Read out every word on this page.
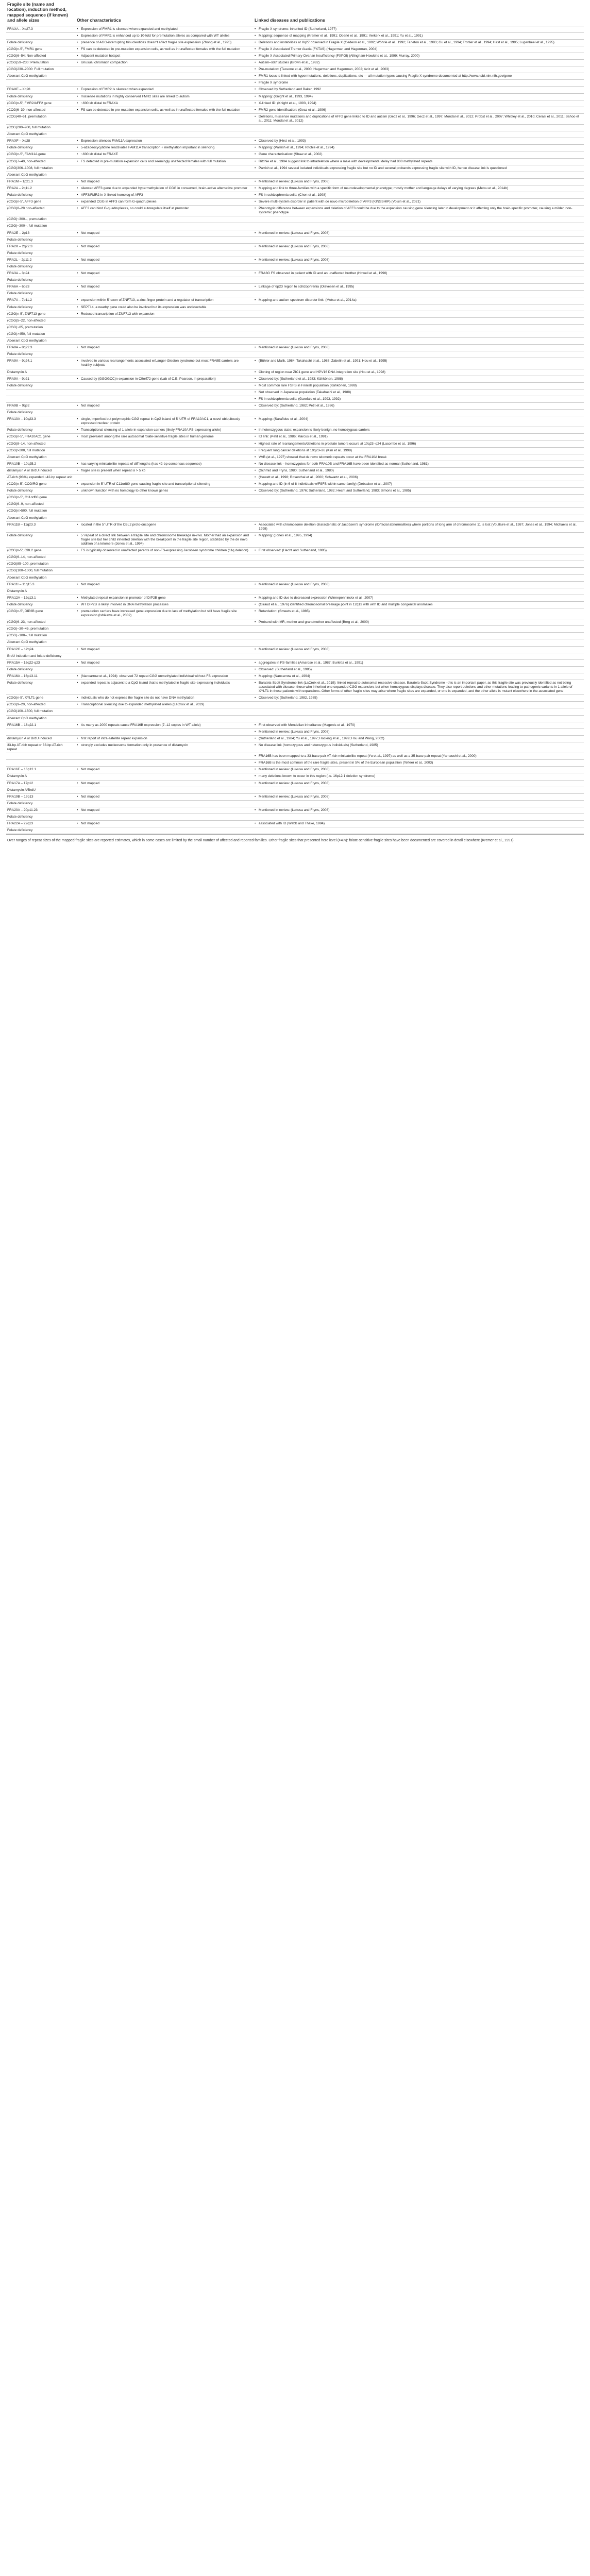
Fragile site (name and location), induction method, mapped sequence (if known) and allele sizes	Other characteristics	Linked diseases and publications

FRAXA – Xq27.3	• Expression of FMR1 is silenced when expanded and methylated	• Fragile X syndrome: inherited ID (Sutherland, 1977)

	• Expression of FMR1 is enhanced up to 10-fold for premutation alleles as compared with WT alleles	• Mapping: sequence of mapping (Kremer et al., 1991; Oberlé et al., 1991; Verkerk et al., 1991; Yu et al., 1991)

Folate deficiency	• presence of AGG-interrupting trinucleotides doesn't affect fragile site expression (Zhong et al., 1995)	• Deletions and instabilities at Xq27 observed in Fragile X (Gedeon et al., 1992; Wöhrle et al., 1992; Tarleton et al., 1993; Gu et al., 1994; Trottier et al., 1994; Hirst et al., 1995; Lugenbeel et al., 1995)

(CGG)n-5', FMR1 gene	• FS can be detected in pre-mutation expansion cells, as well as in unaffected females with the full mutation	• Fragile X Associated Tremor Ataxia (FXTAS) (Hagerman and Hagerman, 2004)

(CGG)6–54: Non-affected	• Adjacent mutation hotspot	• Fragile X Associated Primary Ovarian Insufficiency (FXPOI) (Allingham-Hawkins et al., 1999; Murray, 2000)

(CGG)59–230: Premutation	• Unusual chromatin compaction	• Autism–staff studies (Brown et al., 1982)

(CGG)230–2000: Full mutation		• Pre-mutation: (Tassone et al., 2000; Hagerman and Hagerman, 2002; Aziz et al., 2003)

Aberrant CpG methylation		• FMR1 locus is linked with hypermutations, deletions, duplications, etc — all mutation types causing Fragile X syndrome documented at http://www.ncbi.nlm.nih.gov/gene

		• Fragile X syndrome

FRAXE – Xq28	• Expression of FMR2 is silenced when expanded	• Observed by Sutherland and Baker, 1992

Folate deficiency	• missense mutations in highly conserved FMR2 sites are linked to autism	• Mapping: (Knight et al., 1993, 1994)

(CCG)n-5', FMR2/AFF2 gene	• ~600 kb distal to FRAXA	• X-linked ID: (Knight et al., 1993, 1994)

(CCG)6–39, non-affected	• FS can be detected in pre-mutation expansion cells, as well as in unaffected females with the full mutation	• FMR2 gene identification: (Gecz et al., 1996)

(CCG)40–61, premutation		• Deletions, missense mutations and duplications of AFF2 gene linked to ID and autism (Gecz et al., 1996; Gecz et al., 1997; Mondal et al., 2012; Probst et al., 2007; Whibley et al., 2010; Cerasi et al., 2011; Sahoo et al., 2011; Mondal et al., 2012)

(CCG)200–900, full mutation		

Aberrant CpG methylation		

FRAXF – Xq28	• Expression silences FAM11A expression	• Observed by (Hirst et al., 1993)

Folate deficiency	• 5-azadeoxycytidine reactivates FAM11A transcription + methylation important in silencing	• Mapping: (Parrish et al., 1994; Ritchie et al., 1994)

(CGG)n-5', FAM11A gene	• ~600 kb distal to FRAXE	• Gene characterisation: (Shaw et al., 2002)

(CGG)7–40, non-affected	• FS detected in pre-mutation expansion cells and seemingly unaffected females with full mutation	• Ritchie et al., 1994 suggest link to intradeletion where a male with developmental delay had 800 methylated repeats

(CGG)306–1008, full mutation		• Parrish et al., 1994 several isolated individuals expressing fragile site but no ID and several probands expressing fragile site with ID, hence disease link is questioned

Aberrant CpG methylation		

FRA1M – 1p21.3	• Not mapped	• Mentioned in review: (Lukusa and Fryns, 2008)

FRA2A – 2q11.2	• silenced AFF3 gene due to expanded hypermethylation of CGG in conserved, brain-active alternative promoter	• Mapping and link to three-families with a specific form of neurodevelopmental phenotype; mostly mother and language delays of varying degrees (Metsu et al., 2014b)

Folate deficiency	• AFF3/FMR2 in X-linked homolog of AFF3	• FS in schizophrenia cells: (Chen et al., 1998)

(CGG)n-5', AFF3 gene	• expanded CGG in AFF3 can form G-quadruplexes	• Severe multi-system disorder in patient with de novo microdeletion of AFF3 (KINSSHIP) (Voisin et al., 2021)

(CGG)8–28 non-affected	• AFF3 can bind G-quadruplexes, so could autoregulate itself at promoter	• Phenotypic difference between expansions and deletion of AFF3 could be due to the expansion causing gene silencing later in development or it affecting only the brain-specific promoter, causing a milder, non-systemic phenotype

(CGG)~300–, premutation		

(CGG)~300–, full mutation		

FRA2E – 2p13	• Not mapped	• Mentioned in review: (Lukusa and Fryns, 2008)

Folate deficiency		

FRA2K – 2q22.3	• Not mapped	• Mentioned in review: (Lukusa and Fryns, 2008)

Folate deficiency		

FRA2L – 2p11.2	• Not mapped	• Mentioned in review: (Lukusa and Fryns, 2008)

Folate deficiency		

FRA3A – 3p24	• Not mapped	• FRA3G FS observed in patient with ID and an unaffected brother (Howell et al., 1990)

Folate deficiency		

FRA6A – 6p23	• Not mapped	• Linkage of 6p23 region to schizophrenia (Olavesen et al., 1995)

Folate deficiency		

FRA7A – 7p11.2	• expansion within 5' exon of ZNF713, a zinc-finger protein and a regulator of transcription	• Mapping and autism spectrum disorder link: (Metsu et al., 2014a)

Folate deficiency	• SEPT14, a nearby gene could also be involved but its expression was undetectable	

(CGG)n-5', ZNF713 gene	• Reduced transcription of ZNF713 with expansion	

(CGG)5–22, non-affected		

(CGG)~85, premutation		

(CGG)>450, full mutation		

Aberrant CpG methylation		

FRA8A – 8q22.3	• Not mapped	• Mentioned in review: (Lukusa and Fryns, 2008)

Folate deficiency		

FRA9A – 9q24.1	• involved in various rearrangements associated w/Langer-Giedion syndrome but most FRA9E carriers are healthy subjects	• (Bühler and Malik, 1984; Takahashi et al., 1988; Zabelin et al., 1991; Hou et al., 1995)

Distamycin A		• Cloning of region near ZIC1 gene and HPV16 DNA integration site (Hou et al., 1998)

FRA9A – 9p21	• Caused by (GGGGCC)n expansion in C9orf72 gene (Lab of C.E. Pearson, in preparation)	• Observed by: (Sutherland et al., 1983; Kähkönen, 1988)

Folate deficiency		• Most common rare FSFS in Finnish population (Kähkönen, 1988)

		• Not observed in Japanese population (Takahashi et al., 1988)

		• FS in schizophrenia cells: (Garofalo et al., 1993, 1992)

FRA9B – 9q32	• Not mapped	• Observed by: (Sutherland, 1982; Petit et al., 1986)

Folate deficiency		

FRA10A – 10q23.3	• single, imperfect but polymorphic CGG repeat in CpG island of 5' UTR of FRA10AC1, a novel ubiquitously expressed nuclear protein	• Mapping: (Sarafidou et al., 2004)

Folate deficiency	• Transcriptional silencing of 1 allele in expansion carriers (likely FRA10A FS-expressing allele)	• In heterozygous state: expansion is likely benign, no homozygous carriers

(CGG)n-5', FRA10AC1 gene	• most prevalent among the rare autosomal folate-sensitive fragile sites in human genome	• ID link: (Petit et al., 1986; Marcus et al., 1991)

(CGG)8–14, non-affected		• Highest rate of rearrangements/deletions in prostate tumors occurs at 10q23–q24 (Lacombe et al., 1996)

(CGG)>200, full mutation		• Frequent lung cancer deletions at 10q23–26 (Kim et al., 1998)

Aberrant CpG methylation		• VVB (et al., 1997) showed that de novo telomeric repeats occur at the FRA10A break

FRA10B – 10q25.2	• has varying minisatellite repeats of diff lengths (has 42-bp consensus sequence)	• No disease link – homozygotes for both FRA10B and FRA16B have been identified as normal (Sutherland, 1981)

distamycin A or BrdU induced	• fragile site is present when repeat is > 5 kb	• (Schmid and Fryns, 1980; Sutherland et al., 1980)

AT-rich (93%) expanded ~42-bp repeat unit		• (Hewett et al., 1998; Rosenthal et al., 2000; Schwartz et al., 2006)

(CCG)n-5', CCG/RG gene	• expansion in 5' UTR of C11orf80 gene causing fragile site and transcriptional silencing	• Mapping and ID (in 6 of 8 individuals w/FSFS within same family) (Debacker et al., 2007)

Folate deficiency	• unknown function with no homology to other known genes	• Observed by: (Sutherland, 1976; Sutherland, 1982; Hecht and Sutherland, 1983; Simons et al., 1985)

(CGG)n-5', C11orf80 gene		

(CGG)6–9, non-affected		

(CGG)n>500, full mutation		

Aberrant CpG methylation		

FRA11B – 11q23.3	• located in the 5' UTR of the CBL2 proto-oncogene	• Associated with chromosome deletion characteristic of Jacobsen's syndrome (ID/facial abnormalities) where portions of long arm of chromosome 11 is lost (Voullaire et al., 1987; Jones et al., 1994; Michaelis et al., 1998)

Folate deficiency	• 5' repeat of a direct link between a fragile site and chromosome breakage in-vivo. Mother had an expansion and fragile site but her child inherited deletion with the breakpoint in the fragile site region, stabilized by the de novo addition of a telomere (Jones et al., 1994)	• Mapping: (Jones et al., 1995, 1994)

(CCG)n-5', CBL2 gene	• FS is typically observed in unaffected parents of non-FS-expressing Jacobsen syndrome children (11q deletion)	• First observed: (Hecht and Sutherland, 1985)

(CGG)6–14, non-affected		

(CGG)85–100, premutation		

(CGG)100–1000, full mutation		

Aberrant CpG methylation		

FRA11I – 11q15.3	• Not mapped	• Mentioned in review: (Lukusa and Fryns, 2008)

Distamycin A		

FRA12A – 12q13.1	• Methylated repeat expansion in promoter of DIP2B gene	• Mapping and ID due to decreased expression (Winnepenninckx et al., 2007)

Folate deficiency	• WT DIP2B is likely involved in DNA methylation processes	• (Giraud et al., 1976) identified chromosomal breakage point in 12q13 with with ID and multiple congenital anomalies

(CGG)n-5', DIP2B gene	• premutation carriers have increased gene expression due to lack of methylation but still have fragile site expression (Ishikawa et al., 2002)	• Retardation: (Smeets et al., 1985)

(CGG)6–23, non-affected		• Proband with MR, mother and grandmother unaffected (Berg et al., 2000)

(CGG)~30–45, premutation		

(CGG)~100–, full mutation		

Aberrant CpG methylation		

FRA12C – 12q24	• Not mapped	• Mentioned in review: (Lukusa and Fryns, 2008)

BrdU induction and folate deficiency		

FRA15A – 15q22-q23	• Not mapped	• aggregates in FS-families (Amarose et al., 1987; Burletta et al., 1991)

Folate deficiency		• Observed: (Sutherland et al., 1985)

FRA16A – 16p13.11	• (Nancarrow et al., 1994): observed 72 repeat CGG unmethylated individual without FS expression	• Mapping: (Nancarrow et al., 1994)

Folate deficiency	• expanded repeat is adjacent to a CpG island that is methylated in fragile site-expressing individuals	• Baratela-Scott Syndrome link (LaCroix et al., 2019): linked repeat to autosomal recessive disease, Baratela-Scott Syndrome –this is an important paper, as this fragile site was previously identified as not being associated with disease; those who inherited one expanded CGG expansion, but when homozygous displays disease. They also report deletions and other mutations leading to pathogenic variants in 1 allele of XYLT1 in these patients with expansions. Other forms of other fragile sites may arise where fragile sites are expanded, or one is expanded, and the other allele is mutant elsewhere in the associated gene

(CGG)n-5', XYLT1 gene	• individuals who do not express the fragile site do not have DNA methylation	• Observed by: (Sutherland, 1982, 1985)

(CGG)9–20, non-affected	• Transcriptional silencing due to expanded methylated alleles (LaCroix et al., 2019)	

(CGG)100–1500, full mutation		

Aberrant CpG methylation		

FRA16B – 16q22.1	• As many as 2000 repeats cause FRA16B expression (7–12 copies in WT allele)	• First observed with Mendelian inheritance (Magenis et al., 1970)

		• Mentioned in review: (Lukusa and Fryns, 2008)

distamycin A or BrdU induced	• first report of intra-satellite repeat expansion	• (Sutherland et al., 1984; Yu et al., 1997; Hocking et al., 1999; Hsu and Wang, 2002)

33-bp AT-rich repeat or 33-bp AT-rich repeat	• strongly excludes nucleosome formation only in presence of distamycin	• No disease link (homozygous and heterozygous individuals) (Sutherland, 1985)

		• FRA16B has been mapped to a 33-base pair AT-rich minisatellite repeat (Yu et al., 1997) as well as a 35-base pair repeat (Yamauchi et al., 2000)

		• FRA16B is the most common of the rare fragile sites, present in 5% of the European population (Telfeer et al., 2003)

FRA16E – 16p12.1	• Not mapped	• Mentioned in review: (Lukusa and Fryns, 2008)

Distamycin A		• many deletions known to occur in this region (i.e. 16p12.1 deletion syndrome)

FRA17A – 17p12	• Not mapped	• Mentioned in review: (Lukusa and Fryns, 2008)

Distamycin A/BrdU		

FRA19B – 19p13	• Not mapped	• Mentioned in review: (Lukusa and Fryns, 2008)

Folate deficiency		

FRA20A – 20p11.23	• Not mapped	• Mentioned in review: (Lukusa and Fryns, 2008)

Folate deficiency		

FRA22A – 22q13	• Not mapped	• associated with ID (Webb and Thake, 1984)

Folate deficiency		

Over ranges of repeat sizes of the mapped fragile sites are reported estimates, which in some cases are limited by the small number of affected and reported families. Other fragile sites that presented here level (>4%): folate-sensitive fragile sites have been documented are covered in detail elsewhere (Kremer et al., 1991).
